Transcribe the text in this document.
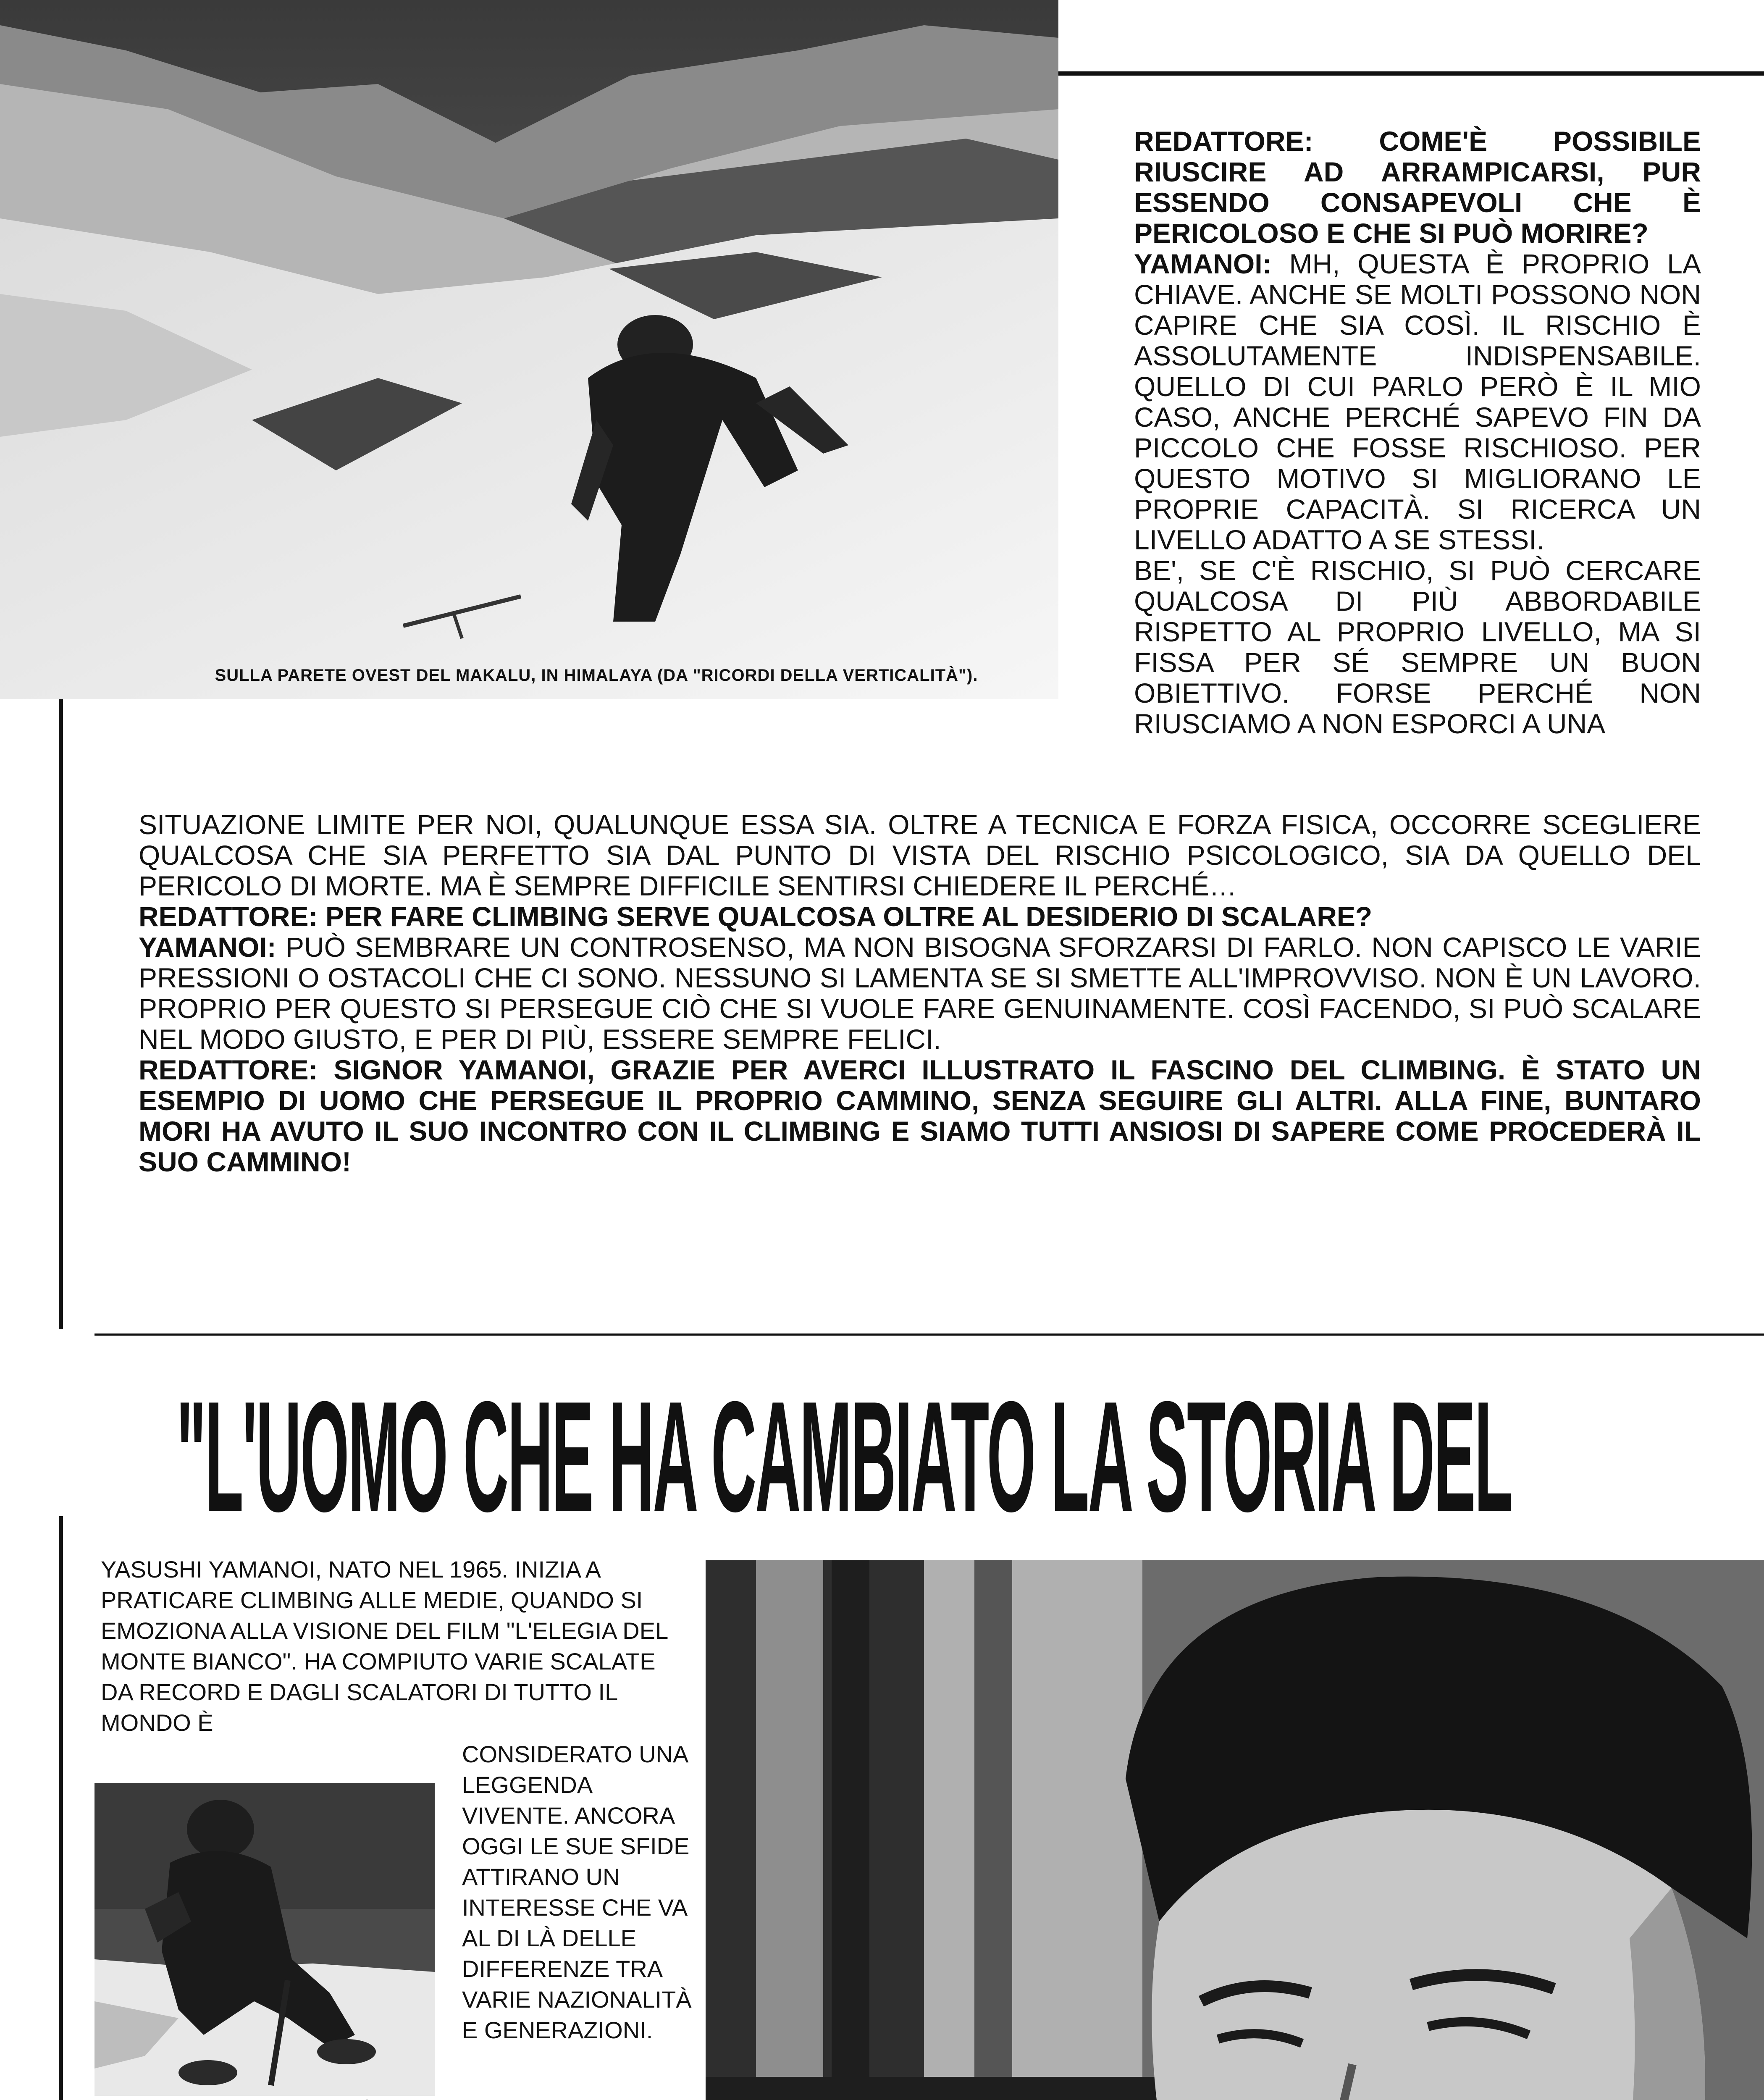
SULLA PARETE OVEST DEL MAKALU, IN HIMALAYA (DA "RICORDI DELLA VERTICALITÀ").

REDATTORE: COME'È POSSIBILE RIUSCIRE AD ARRAMPICARSI, PUR ESSENDO CONSAPEVOLI CHE È PERICOLOSO E CHE SI PUÒ MORIRE?

YAMANOI: MH, QUESTA È PROPRIO LA CHIAVE. ANCHE SE MOLTI POSSONO NON CAPIRE CHE SIA COSÌ. IL RISCHIO È ASSOLUTAMENTE INDISPENSABILE. QUELLO DI CUI PARLO PERÒ È IL MIO CASO, ANCHE PERCHÉ SAPEVO FIN DA PICCOLO CHE FOSSE RISCHIOSO. PER QUESTO MOTIVO SI MIGLIORANO LE PROPRIE CAPACITÀ. SI RICERCA UN LIVELLO ADATTO A SE STESSI.

BE', SE C'È RISCHIO, SI PUÒ CERCARE QUALCOSA DI PIÙ ABBORDABILE RISPETTO AL PROPRIO LIVELLO, MA SI FISSA PER SÉ SEMPRE UN BUON OBIETTIVO. FORSE PERCHÉ NON RIUSCIAMO A NON ESPORCI A UNA

SITUAZIONE LIMITE PER NOI, QUALUNQUE ESSA SIA. OLTRE A TECNICA E FORZA FISICA, OCCORRE SCEGLIERE QUALCOSA CHE SIA PERFETTO SIA DAL PUNTO DI VISTA DEL RISCHIO PSICOLOGICO, SIA DA QUELLO DEL PERICOLO DI MORTE. MA È SEMPRE DIFFICILE SENTIRSI CHIEDERE IL PERCHÉ…

REDATTORE: PER FARE CLIMBING SERVE QUALCOSA OLTRE AL DESIDERIO DI SCALARE?

YAMANOI: PUÒ SEMBRARE UN CONTROSENSO, MA NON BISOGNA SFORZARSI DI FARLO. NON CAPISCO LE VARIE PRESSIONI O OSTACOLI CHE CI SONO. NESSUNO SI LAMENTA SE SI SMETTE ALL'IMPROVVISO. NON È UN LAVORO. PROPRIO PER QUESTO SI PERSEGUE CIÒ CHE SI VUOLE FARE GENUINAMENTE. COSÌ FACENDO, SI PUÒ SCALARE NEL MODO GIUSTO, E PER DI PIÙ, ESSERE SEMPRE FELICI.

REDATTORE: SIGNOR YAMANOI, GRAZIE PER AVERCI ILLUSTRATO IL FASCINO DEL CLIMBING. È STATO UN ESEMPIO DI UOMO CHE PERSEGUE IL PROPRIO CAMMINO, SENZA SEGUIRE GLI ALTRI. ALLA FINE, BUNTARO MORI HA AVUTO IL SUO INCONTRO CON IL CLIMBING E SIAMO TUTTI ANSIOSI DI SAPERE COME PROCEDERÀ IL SUO CAMMINO!

"L'UOMO CHE HA CAMBIATO LA STORIA DEL
YASUSHI YAMANOI, NATO NEL 1965. INIZIA A PRATICARE CLIMBING ALLE MEDIE, QUANDO SI EMOZIONA ALLA VISIONE DEL FILM "L'ELEGIA DEL MONTE BIANCO". HA COMPIUTO VARIE SCALATE DA RECORD E DAGLI SCALATORI DI TUTTO IL MONDO È
CONSIDERATO UNA LEGGENDA VIVENTE. ANCORA OGGI LE SUE SFIDE ATTIRANO UN INTERESSE CHE VA AL DI LÀ DELLE DIFFERENZE TRA VARIE NAZIONALITÀ E GENERAZIONI.
